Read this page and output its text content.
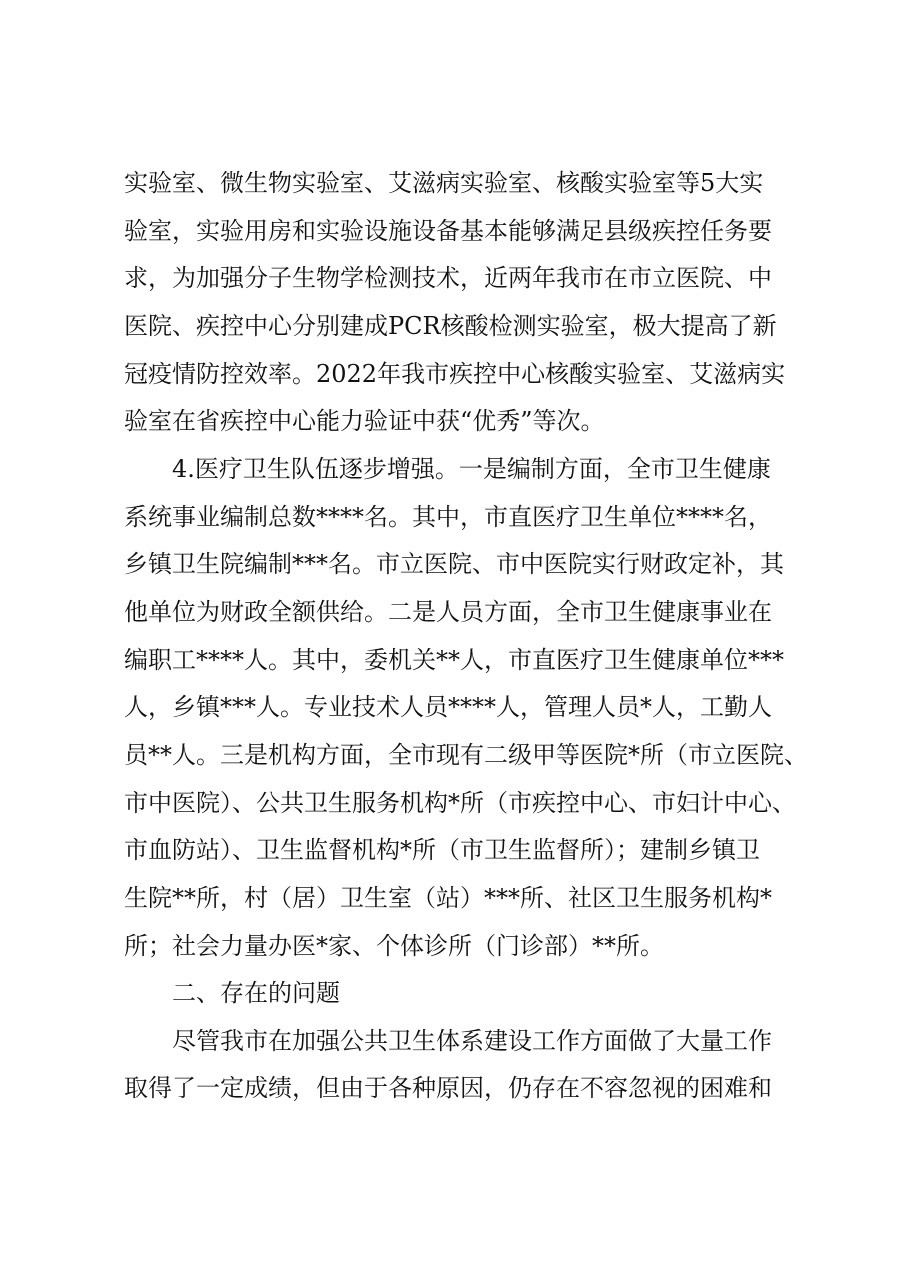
实验室、微生物实验室、艾滋病实验室、核酸实验室等5大实

验室，实验用房和实验设施设备基本能够满足县级疾控任务要

求，为加强分子生物学检测技术，近两年我市在市立医院、中

医院、疾控中心分别建成PCR核酸检测实验室，极大提高了新

冠疫情防控效率。2022年我市疾控中心核酸实验室、艾滋病实

验室在省疾控中心能力验证中获“优秀”等次。

4.医疗卫生队伍逐步增强。一是编制方面，全市卫生健康

系统事业编制总数****名。其中，市直医疗卫生单位****名，

乡镇卫生院编制***名。市立医院、市中医院实行财政定补，其

他单位为财政全额供给。二是人员方面，全市卫生健康事业在

编职工****人。其中，委机关**人，市直医疗卫生健康单位***

人，乡镇***人。专业技术人员****人，管理人员*人，工勤人

员**人。三是机构方面，全市现有二级甲等医院*所（市立医院、

市中医院）、公共卫生服务机构*所（市疾控中心、市妇计中心、

市血防站）、卫生监督机构*所（市卫生监督所）；建制乡镇卫

生院**所，村（居）卫生室（站）***所、社区卫生服务机构*

所；社会力量办医*家、个体诊所（门诊部）**所。

二、存在的问题

尽管我市在加强公共卫生体系建设工作方面做了大量工作

取得了一定成绩，但由于各种原因，仍存在不容忽视的困难和
